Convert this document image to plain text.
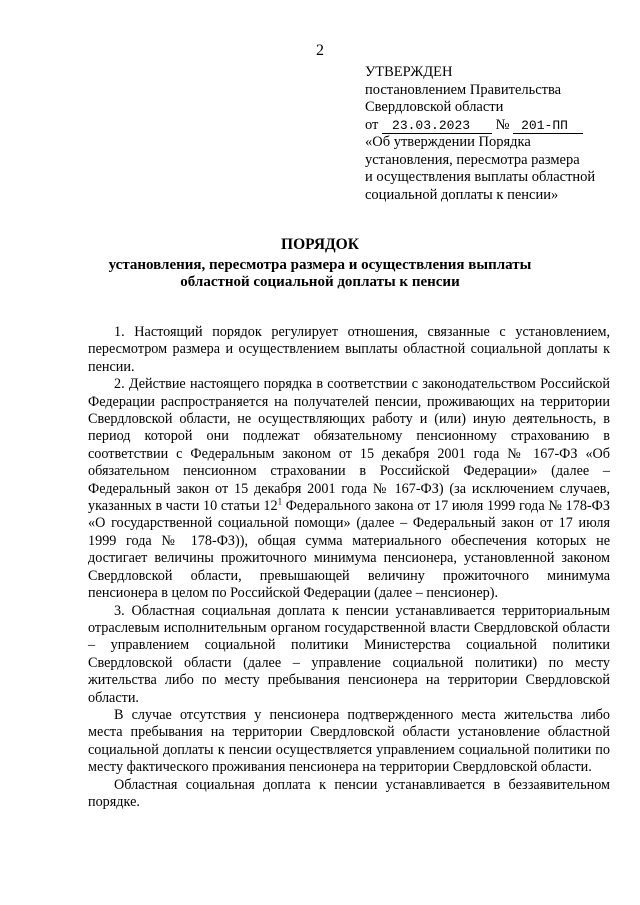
2
УТВЕРЖДЕН
постановлением Правительства
Свердловской области
от 23.03.2023 № 201-ПП
«Об утверждении Порядка
установления, пересмотра размера
и осуществления выплаты областной
социальной доплаты к пенсии»
ПОРЯДОК
установления, пересмотра размера и осуществления выплаты
областной социальной доплаты к пенсии

1. Настоящий порядок регулирует отношения, связанные с установлением, пересмотром размера и осуществлением выплаты областной социальной доплаты к пенсии.

2. Действие настоящего порядка в соответствии с законодательством Российской Федерации распространяется на получателей пенсии, проживающих на территории Свердловской области, не осуществляющих работу и (или) иную деятельность, в период которой они подлежат обязательному пенсионному страхованию в соответствии с Федеральным законом от 15 декабря 2001 года № 167-ФЗ «Об обязательном пенсионном страховании в Российской Федерации» (далее – Федеральный закон от 15 декабря 2001 года № 167-ФЗ) (за исключением случаев, указанных в части 10 статьи $12^1$ Федерального закона от 17 июля 1999 года № 178-ФЗ «О государственной социальной помощи» (далее – Федеральный закон от 17 июля 1999 года № 178-ФЗ)), общая сумма материального обеспечения которых не достигает величины прожиточного минимума пенсионера, установленной законом Свердловской области, превышающей величину прожиточного минимума пенсионера в целом по Российской Федерации (далее – пенсионер).

3. Областная социальная доплата к пенсии устанавливается территориальным отраслевым исполнительным органом государственной власти Свердловской области – управлением социальной политики Министерства социальной политики Свердловской области (далее – управление социальной политики) по месту жительства либо по месту пребывания пенсионера на территории Свердловской области.

В случае отсутствия у пенсионера подтвержденного места жительства либо места пребывания на территории Свердловской области установление областной социальной доплаты к пенсии осуществляется управлением социальной политики по месту фактического проживания пенсионера на территории Свердловской области.

Областная социальная доплата к пенсии устанавливается в беззаявительном порядке.
